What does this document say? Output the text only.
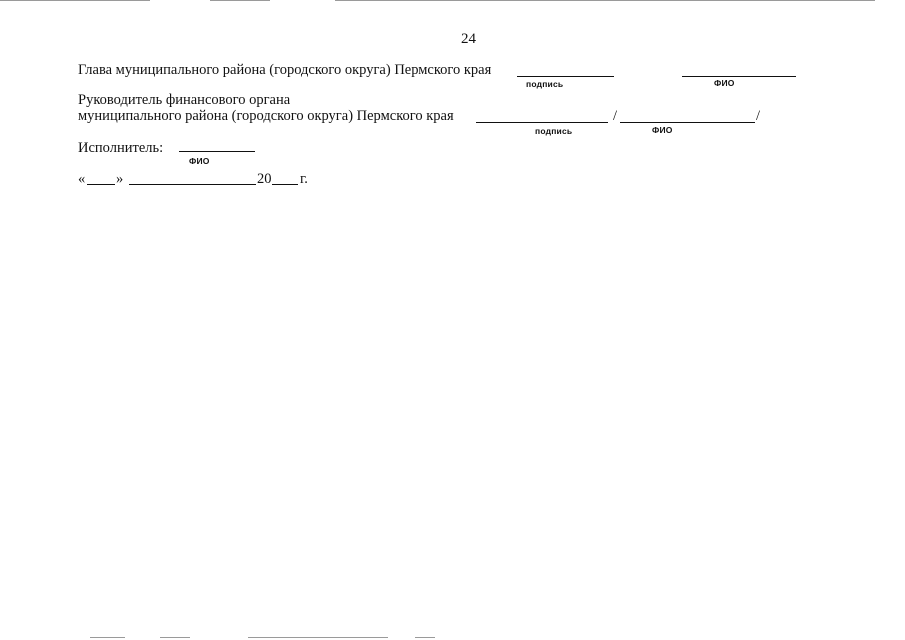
24
Глава муниципального района (городского округа) Пермского края
подпись	ФИО
Руководитель финансового органа
муниципального района (городского округа) Пермского края	/	/
подпись	ФИО
Исполнитель:
ФИО
« »	20 г.
